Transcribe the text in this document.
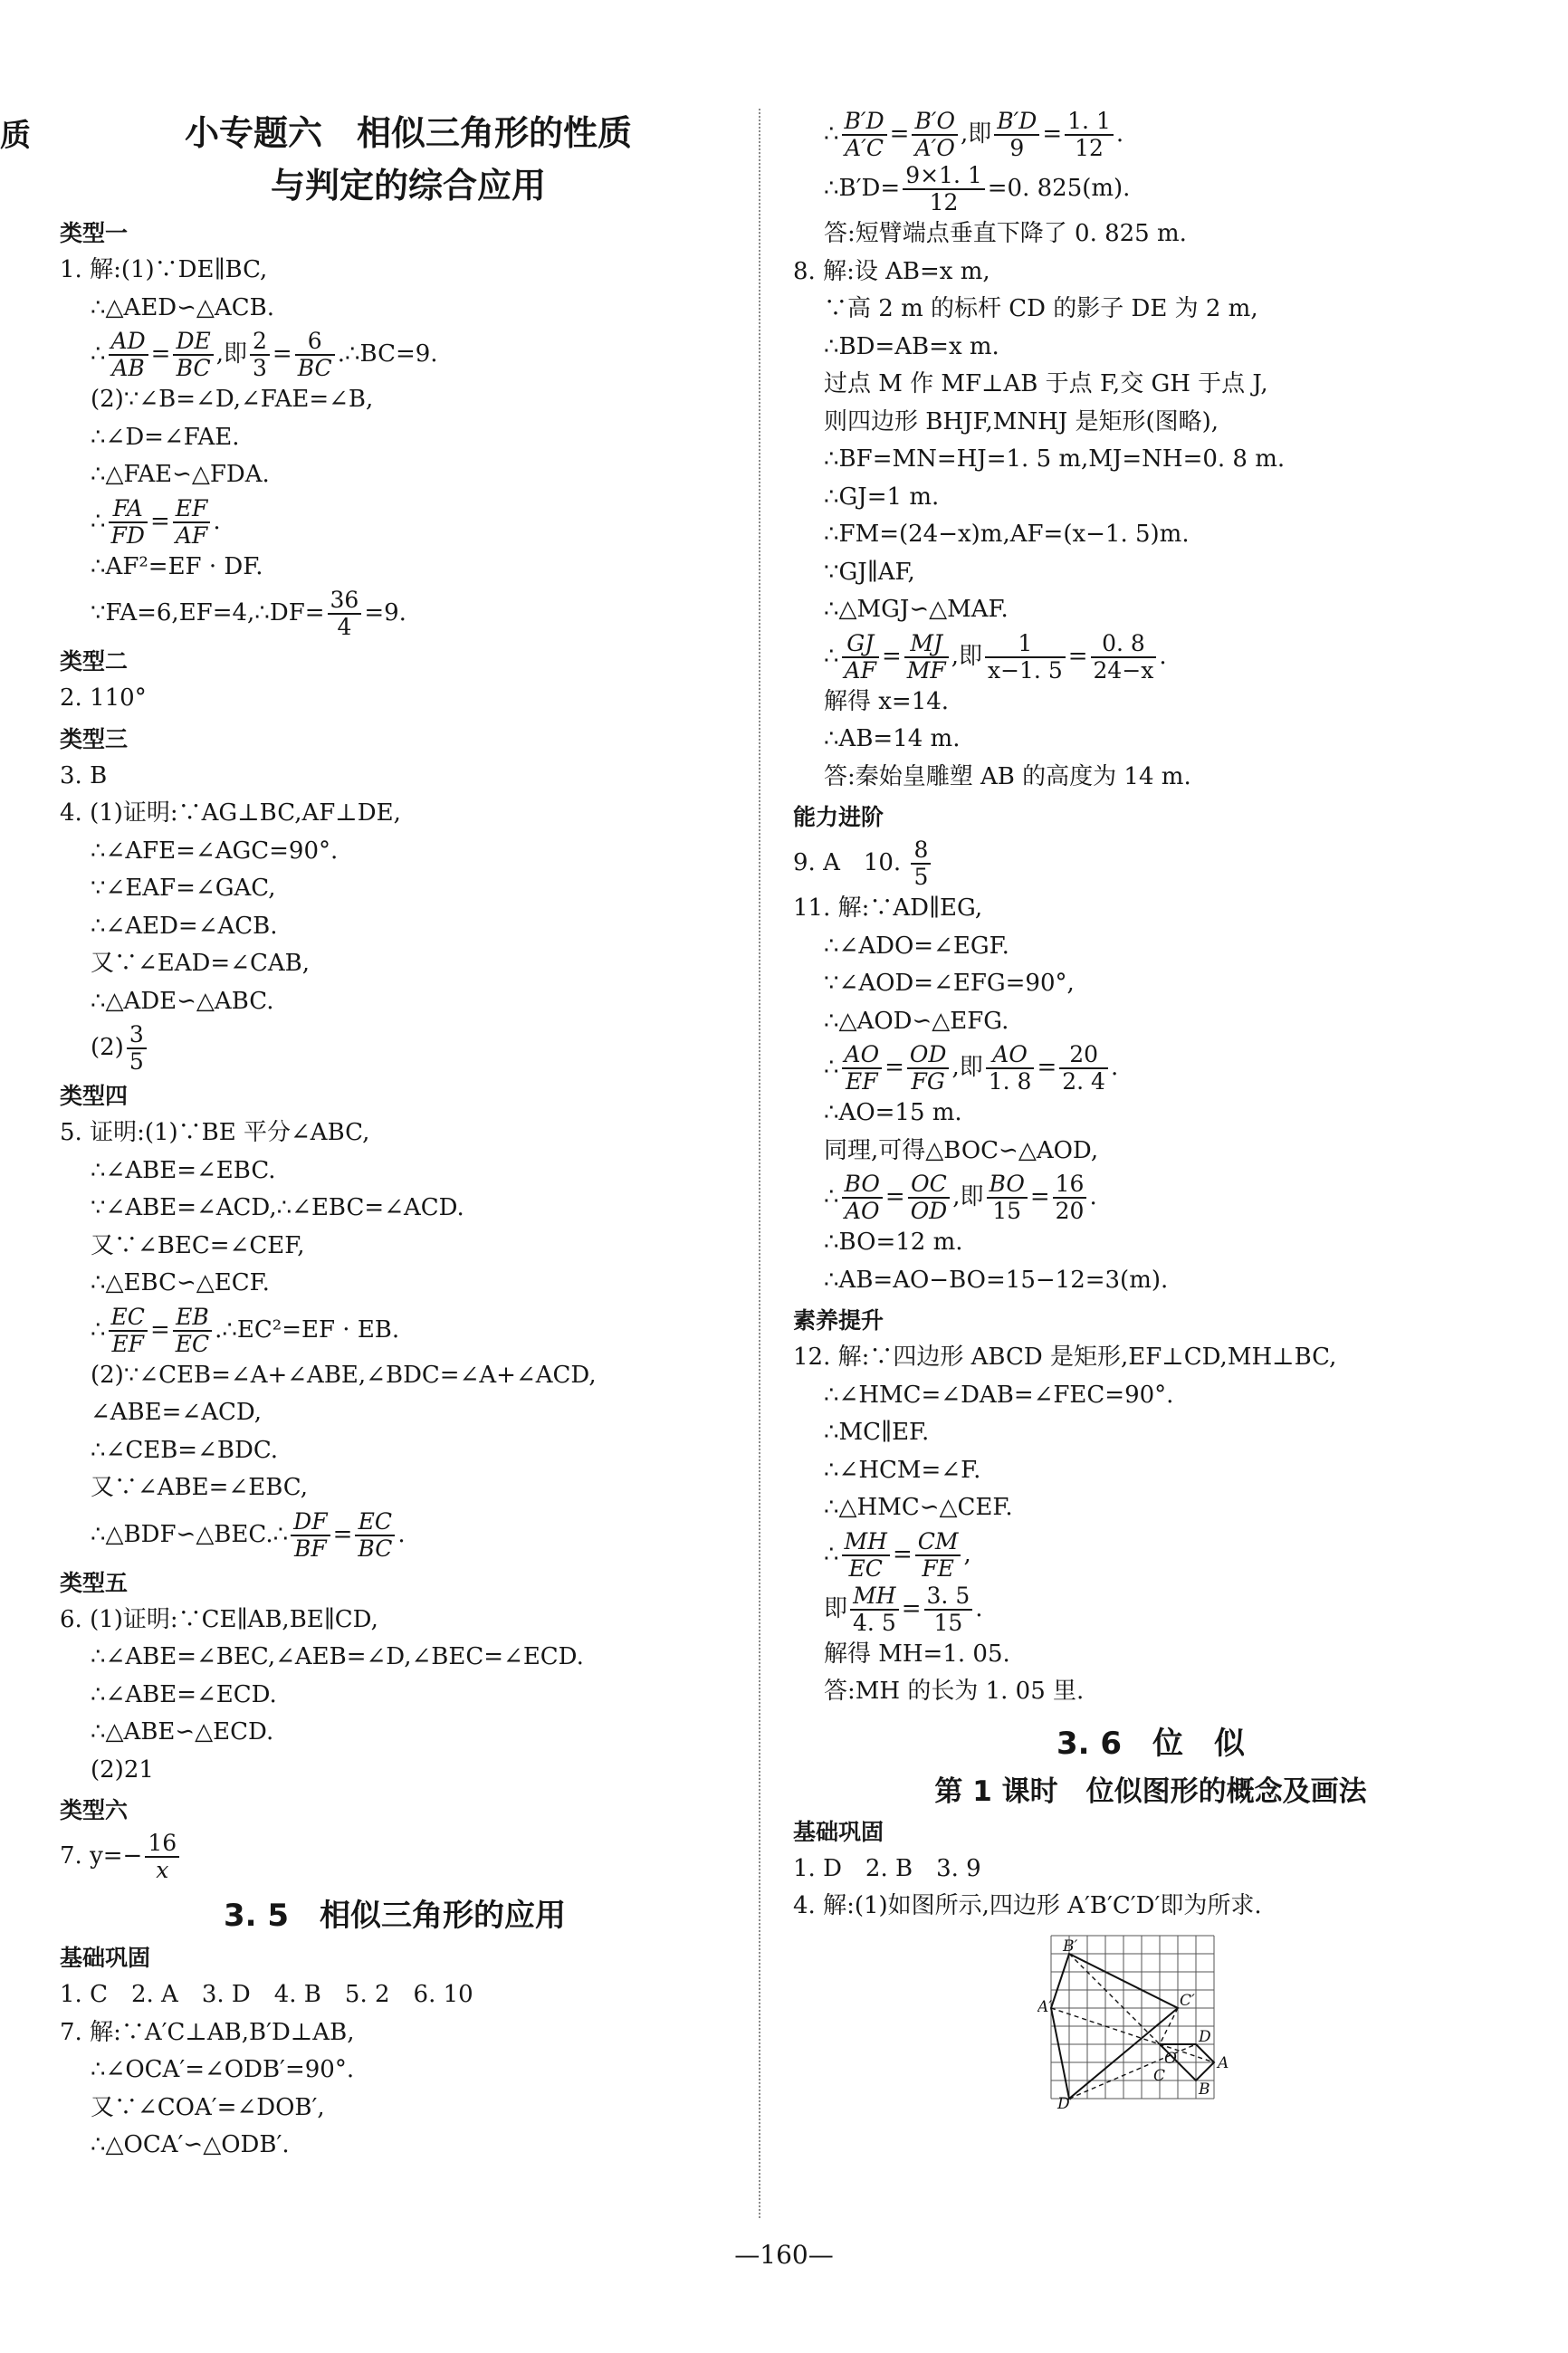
质	小专题六　相似三角形的性质
与判定的综合应用
类型一
1. 解:(1)∵DE∥BC,
∴△AED∽△ACB.
∴ $\frac{AD}{AB} = \frac{DE}{BC}$ ,即 $\frac{2}{3} = \frac{6}{BC}$ .∴BC=9.
(2)∵∠B=∠D,∠FAE=∠B,
∴∠D=∠FAE.
∴△FAE∽△FDA.
∴ $\frac{FA}{FD} = \frac{EF}{AF}$ .
∴AF²=EF · DF.
∵FA=6,EF=4,∴DF= $\frac{36}{4} =9$.
类型二
2. 110°
类型三
3. B
4. (1)证明:∵AG⊥BC,AF⊥DE,
∴∠AFE=∠AGC=90°.
∵∠EAF=∠GAC,
∴∠AED=∠ACB.
又∵∠EAD=∠CAB,
∴△ADE∽△ABC.
$(2) \frac{3}{5}$
类型四
5. 证明:(1)∵BE 平分∠ABC,
∴∠ABE=∠EBC.
∵∠ABE=∠ACD,∴∠EBC=∠ACD.
又∵∠BEC=∠CEF,
∴△EBC∽△ECF.
∴ $\frac{EC}{EF} = \frac{EB}{EC}$ .∴EC²=EF · EB.
(2)∵∠CEB=∠A+∠ABE,∠BDC=∠A+∠ACD,
∠ABE=∠ACD,
∴∠CEB=∠BDC.
又∵∠ABE=∠EBC,
∴△BDF∽△BEC.∴ $\frac{DF}{BF} = \frac{EC}{BC}$ .
类型五
6. (1)证明:∵CE∥AB,BE∥CD,
∴∠ABE=∠BEC,∠AEB=∠D,∠BEC=∠ECD.
∴∠ABE=∠ECD.
∴△ABE∽△ECD.
(2)21
类型六
7. $y=- \frac{16}{x}$
3. 5　相似三角形的应用
基础巩固
1. C　2. A　3. D　4. B　5. 2　6. 10
7. 解:∵A′C⊥AB,B′D⊥AB,
∴∠OCA′=∠ODB′=90°.
又∵∠COA′=∠DOB′,
∴△OCA′∽△ODB′.
∴ $\frac{B'D}{A'C} = \frac{B'O}{A'O}$ ,即 $\frac{B'D}{9} = \frac{1. 1}{12}$ .
∴B′D= $\frac{9\times 1. 1}{12} =0$. 825(m).
答:短臂端点垂直下降了 0. 825 m.
8. 解:设 AB=x m,
∵高 2 m 的标杆 CD 的影子 DE 为 2 m,
∴BD=AB=x m.
过点 M 作 MF⊥AB 于点 F,交 GH 于点 J,
则四边形 BHJF,MNHJ 是矩形(图略),
∴BF=MN=HJ=1. 5 m,MJ=NH=0. 8 m.
∴GJ=1 m.
∴FM=(24−x)m,AF=(x−1. 5)m.
∵GJ∥AF,
∴△MGJ∽△MAF.
∴ $\frac{GJ}{AF} = \frac{MJ}{MF}$ ,即 $\frac{1}{x-1. 5} = \frac{0. 8}{24-x}$ .
解得 x=14.
∴AB=14 m.
答:秦始皇雕塑 AB 的高度为 14 m.
能力进阶
9. A　10. $\frac{8}{5}$
11. 解:∵AD∥EG,
∴∠ADO=∠EGF.
∵∠AOD=∠EFG=90°,
∴△AOD∽△EFG.
∴ $\frac{AO}{EF} = \frac{OD}{FG}$ ,即 $\frac{AO}{1. 8} = \frac{20}{2. 4}$ .
∴AO=15 m.
同理,可得△BOC∽△AOD,
∴ $\frac{BO}{AO} = \frac{OC}{OD}$ ,即 $\frac{BO}{15} = \frac{16}{20}$ .
∴BO=12 m.
∴AB=AO−BO=15−12=3(m).
素养提升
12. 解:∵四边形 ABCD 是矩形,EF⊥CD,MH⊥BC,
∴∠HMC=∠DAB=∠FEC=90°.
∴MC∥EF.
∴∠HCM=∠F.
∴△HMC∽△CEF.
∴ $\frac{MH}{EC} = \frac{CM}{FE}$ ,
即 $\frac{MH}{4. 5} = \frac{3. 5}{15}$ .
解得 MH=1. 05.
答:MH 的长为 1. 05 里.
3. 6　位　似
第 1 课时　位似图形的概念及画法
基础巩固
1. D　2. B　3. 9
4. 解:(1)如图所示,四边形 A′B′C′D′即为所求.
A′
B′
C′
D′
A
B
C
D
O
—160—
